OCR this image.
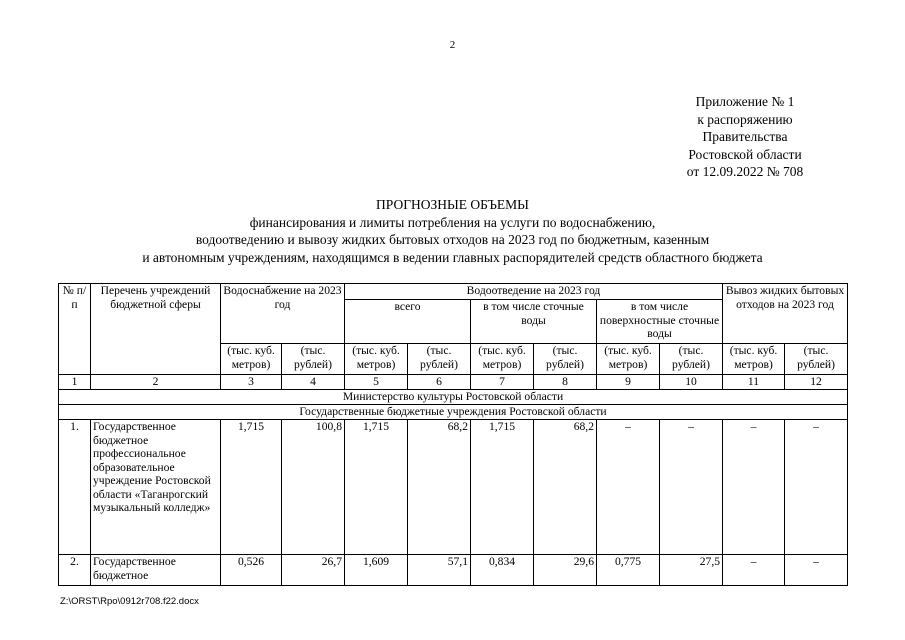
2
Приложение № 1
к распоряжению
Правительства
Ростовской области
от 12.09.2022 № 708
ПРОГНОЗНЫЕ ОБЪЕМЫ
финансирования и лимиты потребления на услуги по водоснабжению,
водоотведению и вывозу жидких бытовых отходов на 2023 год по бюджетным, казенным
и автономным учреждениям, находящимся в ведении главных распорядителей средств областного бюджета
№ п/п	Перечень учреждений бюджетной сферы	Водоснабжение на 2023 год		Водоотведение на 2023 год						Вывоз жидких бытовых отходов на 2023 год	
				всего		в том числе сточные воды		в том числе поверхностные сточные воды			
		(тыс. куб. метров)	(тыс. рублей)	(тыс. куб. метров)	(тыс. рублей)	(тыс. куб. метров)	(тыс. рублей)	(тыс. куб. метров)	(тыс. рублей)	(тыс. куб. метров)	(тыс. рублей)
1	2	3	4	5	6	7	8	9	10	11	12
Министерство культуры Ростовской области											
Государственные бюджетные учреждения Ростовской области											
1.	Государственное бюджетное профессиональное образовательное учреждение Ростовской области «Таганрогский музыкальный колледж»	1,715	100,8	1,715	68,2	1,715	68,2	–	–	–	–
2.	Государственное бюджетное	0,526	26,7	1,609	57,1	0,834	29,6	0,775	27,5	–	–
Z:\ORST\Rpo\0912r708.f22.docx
